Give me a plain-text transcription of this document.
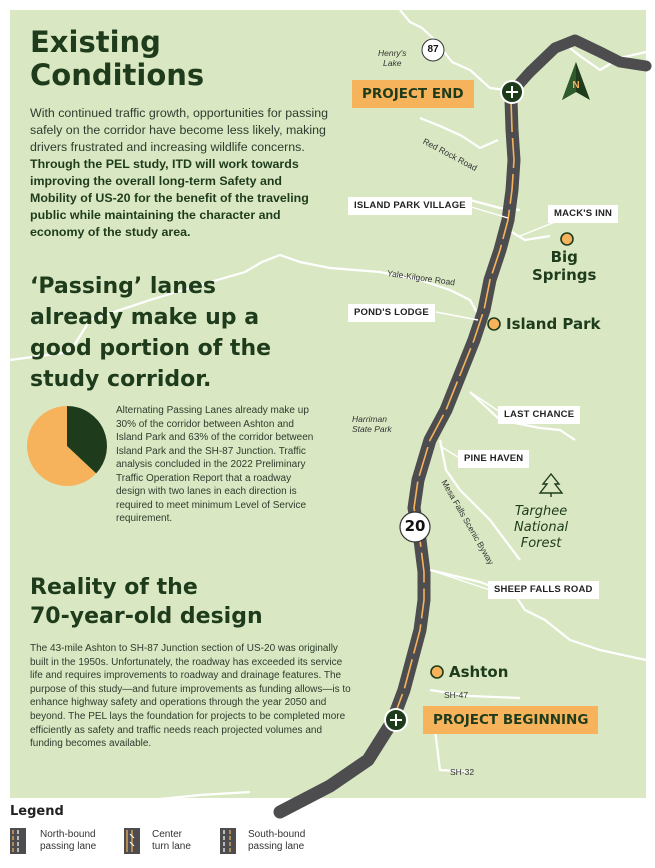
Existing
Conditions
With continued traffic growth, opportunities for passing safely on the corridor have become less likely, making drivers frustrated and increasing wildlife concerns. Through the PEL study, ITD will work towards improving the overall long-term Safety and Mobility of US-20 for the benefit of the traveling public while maintaining the character and economy of the study area.
‘Passing’ lanes
already make up a
good portion of the
study corridor.
Alternating Passing Lanes already make up 30% of the corridor between Ashton and Island Park and 63% of the corridor between Island Park and the SH-87 Junction. Traffic analysis concluded in the 2022 Preliminary Traffic Operation Report that a roadway design with two lanes in each direction is required to meet minimum Level of Service requirement.
Reality of the
70-year-old design
The 43-mile Ashton to SH-87 Junction section of US-20 was originally built in the 1950s. Unfortunately, the roadway has exceeded its service life and requires improvements to roadway and drainage features. The purpose of this study—and future improvements as funding allows—is to enhance highway safety and operations through the year 2050 and beyond. The PEL lays the foundation for projects to be completed more efficiently as safety and traffic needs reach projected volumes and funding becomes available.
PROJECT END
PROJECT BEGINNING
ISLAND PARK VILLAGE
MACK'S INN
POND'S LODGE
LAST CHANCE
PINE HAVEN
SHEEP FALLS ROAD
Big
Springs
Island Park
Ashton
Henry's
Lake
Red Rock Road
Yale-Kilgore Road
Harriman
State Park
Mesa Falls Scenic Byway Targhee
National
Forest
SH-47
SH-32
87
20
N
Legend
North-bound
passing lane
Center
turn lane
South-bound
passing lane
